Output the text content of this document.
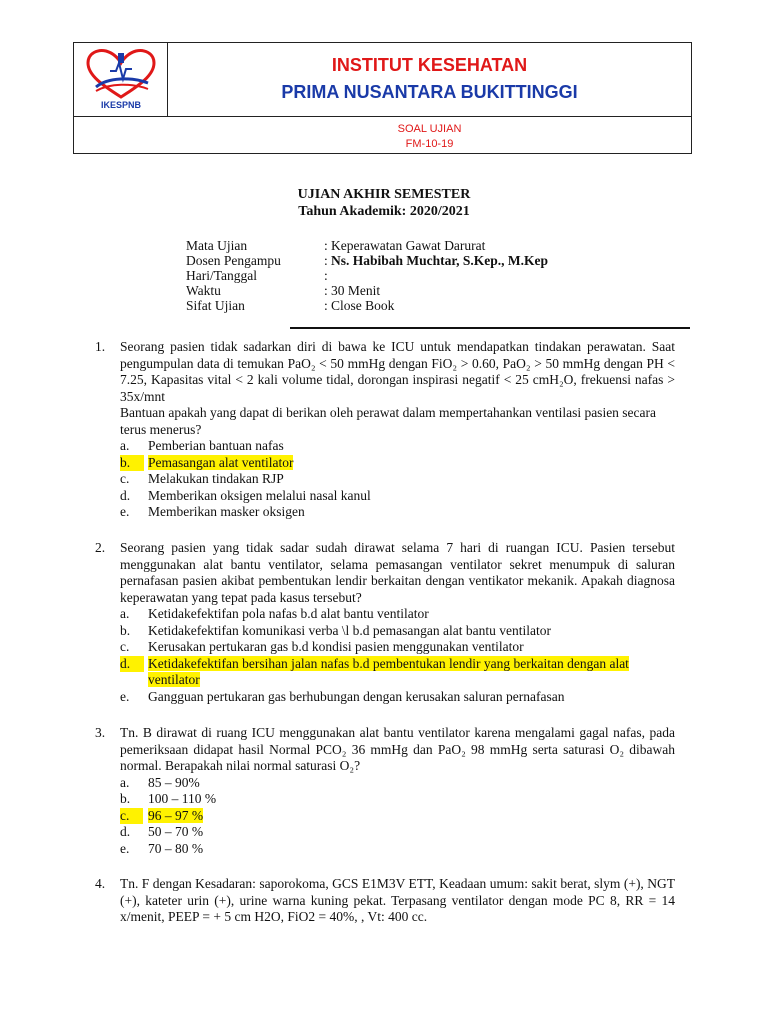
IKESPNB
INSTITUT KESEHATAN
PRIMA NUSANTARA BUKITTINGGI
SOAL UJIAN
FM-10-19
UJIAN AKHIR SEMESTER
Tahun Akademik: 2020/2021
Mata Ujian	: Keperawatan Gawat Darurat
Dosen Pengampu	: Ns. Habibah Muchtar, S.Kep., M.Kep
Hari/Tanggal	:
Waktu	: 30 Menit
Sifat Ujian	: Close Book
1. Seorang pasien tidak sadarkan diri di bawa ke ICU untuk mendapatkan tindakan perawatan. Saat pengumpulan data di temukan PaO₂ < 50 mmHg dengan FiO₂ > 0.60, PaO₂ > 50 mmHg dengan PH < 7.25, Kapasitas vital < 2 kali volume tidal, dorongan inspirasi negatif < 25 cmH₂O, frekuensi nafas > 35x/mnt
Bantuan apakah yang dapat di berikan oleh perawat dalam mempertahankan ventilasi pasien secara terus menerus?
a. Pemberian bantuan nafas
b.	Pemasangan alat ventilator
c. Melakukan tindakan RJP
d. Memberikan oksigen melalui nasal kanul
e. Memberikan masker oksigen
2. Seorang pasien yang tidak sadar sudah dirawat selama 7 hari di ruangan ICU. Pasien tersebut menggunakan alat bantu ventilator, selama pemasangan ventilator sekret menumpuk di saluran pernafasan pasien akibat pembentukan lendir berkaitan dengan ventikator mekanik. Apakah diagnosa keperawatan yang tepat pada kasus tersebut?
a. Ketidakefektifan pola nafas b.d alat bantu ventilator
b. Ketidakefektifan komunikasi verba \l b.d pemasangan alat bantu ventilator
c. Kerusakan pertukaran gas b.d kondisi pasien menggunakan ventilator
d.	Ketidakefektifan bersihan jalan nafas b.d pembentukan lendir yang berkaitan dengan alat ventilator
e. Gangguan pertukaran gas berhubungan dengan kerusakan saluran pernafasan
3. Tn. B dirawat di ruang ICU menggunakan alat bantu ventilator karena mengalami gagal nafas, pada pemeriksaan didapat hasil Normal PCO₂ 36 mmHg dan PaO₂ 98 mmHg serta saturasi O₂ dibawah normal. Berapakah nilai normal saturasi O₂?
a. 85 – 90%
b. 100 – 110 %
c.	96 – 97 %
d. 50 – 70 %
e. 70 – 80 %
4. Tn. F dengan Kesadaran: saporokoma, GCS E1M3V ETT, Keadaan umum: sakit berat, slym (+), NGT (+), kateter urin (+), urine warna kuning pekat. Terpasang ventilator dengan mode PC 8, RR = 14 x/menit, PEEP = + 5 cm H2O, FiO2 = 40%, , Vt: 400 cc.
